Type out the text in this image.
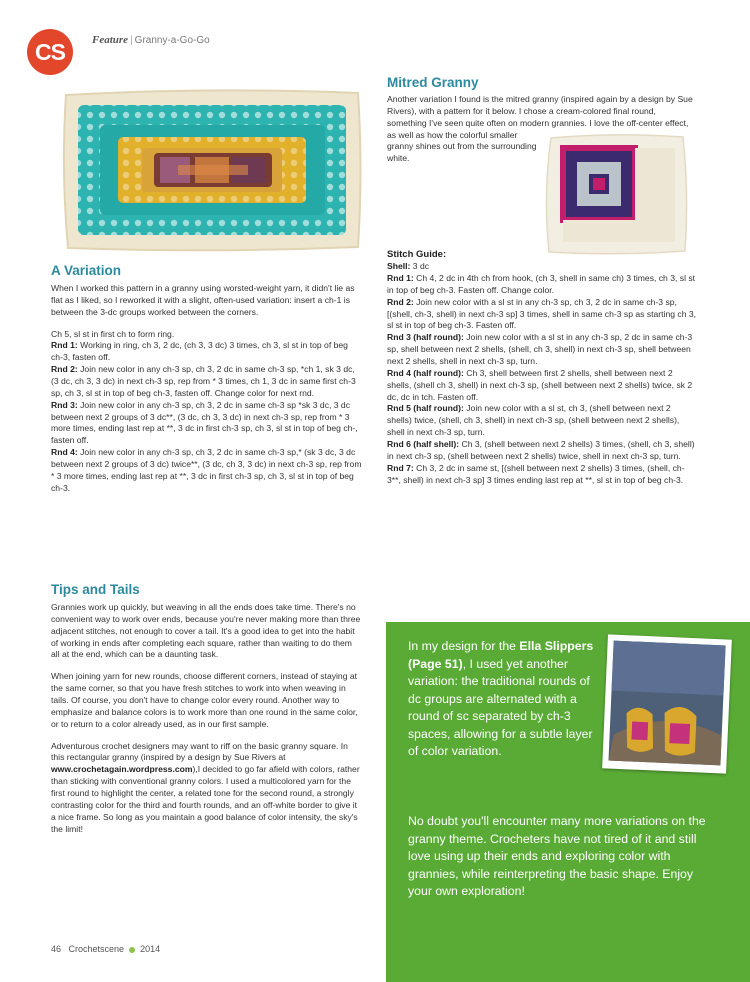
CS	Feature | Granny-a-Go-Go
A Variation

When I worked this pattern in a granny using worsted-weight yarn, it didn't lie as flat as I liked, so I reworked it with a slight, often-used variation: insert a ch-1 is between the 3-dc groups worked between the corners.

Ch 5, sl st in first ch to form ring.

Rnd 1: Working in ring, ch 3, 2 dc, (ch 3, 3 dc) 3 times, ch 3, sl st in top of beg ch-3, fasten off.
Rnd 2: Join new color in any ch-3 sp, ch 3, 2 dc in same ch-3 sp, *ch 1, sk 3 dc, (3 dc, ch 3, 3 dc) in next ch-3 sp, rep from * 3 times, ch 1, 3 dc in same first ch-3 sp, ch 3, sl st in top of beg ch-3, fasten off. Change color for next rnd.
Rnd 3: Join new color in any ch-3 sp, ch 3, 2 dc in same ch-3 sp *sk 3 dc, 3 dc between next 2 groups of 3 dc**, (3 dc, ch 3, 3 dc) in next ch-3 sp, rep from * 3 more times, ending last rep at **, 3 dc in first ch-3 sp, ch 3, sl st in top of beg ch-, fasten off.
Rnd 4: Join new color in any ch-3 sp, ch 3, 2 dc in same ch-3 sp,* (sk 3 dc, 3 dc between next 2 groups of 3 dc) twice**, (3 dc, ch 3, 3 dc) in next ch-3 sp, rep from * 3 more times, ending last rep at **, 3 dc in first ch-3 sp, ch 3, sl st in top of beg ch-3.
Tips and Tails

Grannies work up quickly, but weaving in all the ends does take time. There's no convenient way to work over ends, because you're never making more than three adjacent stitches, not enough to cover a tail. It's a good idea to get into the habit of working in ends after completing each square, rather than waiting to do them all at the end, which can be a daunting task.

When joining yarn for new rounds, choose different corners, instead of staying at the same corner, so that you have fresh stitches to work into when weaving in tails. Of course, you don't have to change color every round. Another way to emphasize and balance colors is to work more than one round in the same color, or to return to a color already used, as in our first sample.

Adventurous crochet designers may want to riff on the basic granny square. In this rectangular granny (inspired by a design by Sue Rivers at www.crochetagain.wordpress.com),I decided to go far afield with colors, rather than sticking with conventional granny colors. I used a multicolored yarn for the first round to highlight the center, a related tone for the second round, a strongly contrasting color for the third and fourth rounds, and an off-white border to give it a nice frame. So long as you maintain a good balance of color intensity, the sky's the limit!

Mitred Granny
Another variation I found is the mitred granny (inspired again by a design by Sue Rivers), with a pattern for it below. I chose a cream-colored final round, something I've seen quite often on modern grannies. I love the off-center effect, as well as how the colorful smaller granny shines out from the surrounding white.
Stitch Guide:
Shell: 3 dc
Rnd 1: Ch 4, 2 dc in 4th ch from hook, (ch 3, shell in same ch) 3 times, ch 3, sl st in top of beg ch-3. Fasten off. Change color.
Rnd 2: Join new color with a sl st in any ch-3 sp, ch 3, 2 dc in same ch-3 sp, [(shell, ch-3, shell) in next ch-3 sp] 3 times, shell in same ch-3 sp as starting ch 3, sl st in top of beg ch-3. Fasten off.
Rnd 3 (half round): Join new color with a sl st in any ch-3 sp, 2 dc in same ch-3 sp, shell between next 2 shells, (shell, ch 3, shell) in next ch-3 sp, shell between next 2 shells, shell in next ch-3 sp, turn.
Rnd 4 (half round): Ch 3, shell between first 2 shells, shell between next 2 shells, (shell ch 3, shell) in next ch-3 sp, (shell between next 2 shells) twice, sk 2 dc, dc in tch. Fasten off.
Rnd 5 (half round): Join new color with a sl st, ch 3, (shell between next 2 shells) twice, (shell, ch 3, shell) in next ch-3 sp, (shell between next 2 shells), shell in next ch-3 sp, turn.
Rnd 6 (half shell): Ch 3, (shell between next 2 shells) 3 times, (shell, ch 3, shell) in next ch-3 sp, (shell between next 2 shells) twice, shell in next ch-3 sp, turn.
Rnd 7: Ch 3, 2 dc in same st, [(shell between next 2 shells) 3 times, (shell, ch-3**, shell) in next ch-3 sp] 3 times ending last rep at **, sl st in top of beg ch-3.
In my design for the Ella Slippers (Page 51), I used yet another variation: the traditional rounds of dc groups are alternated with a round of sc separated by ch-3 spaces, allowing for a subtle layer of color variation.
No doubt you'll encounter many more variations on the granny theme. Crocheters have not tired of it and still love using up their ends and exploring color with grannies, while reinterpreting the basic shape. Enjoy your own exploration!
46 Crochetscene 2014
